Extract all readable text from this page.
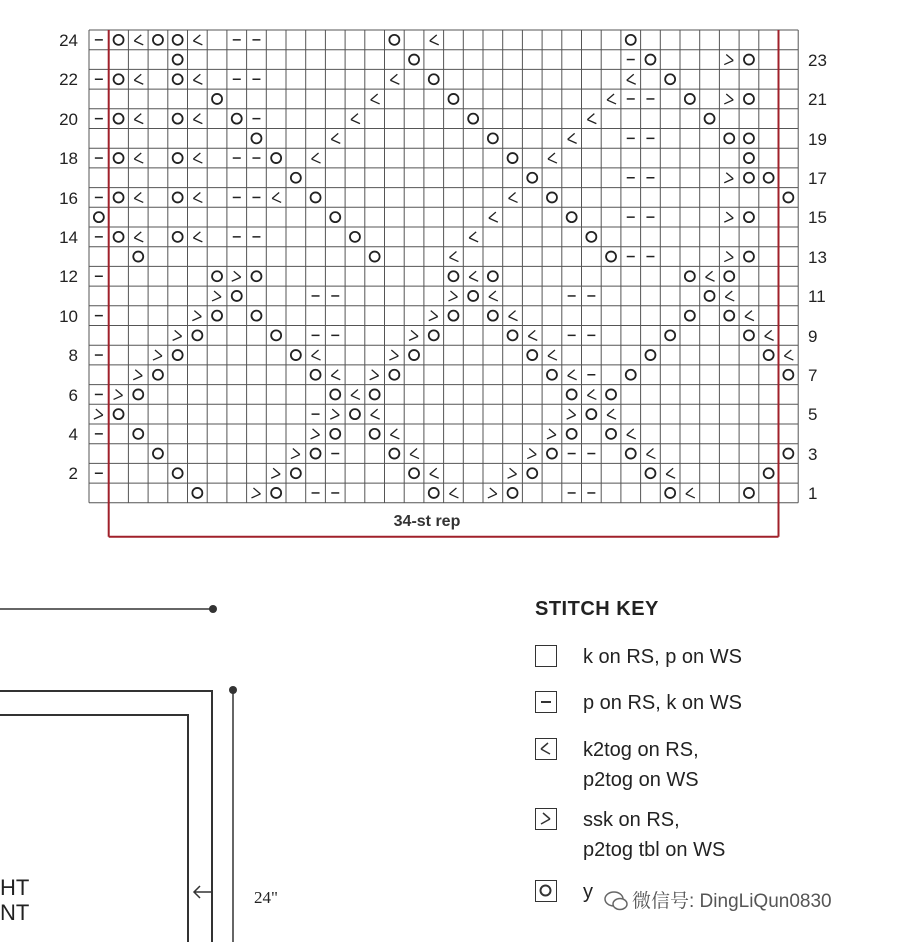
24
22
20
18
16
14
12
10
8
6
4
2
23
21
19
17
15
13
11
9
7
5
3
1
34-st rep
STITCH KEY
k on RS, p on WS
p on RS, k on WS
k2tog on RS,
p2tog on WS
ssk on RS,
p2tog tbl on WS
y
HT
NT
24"	微信号: DingLiQun0830
